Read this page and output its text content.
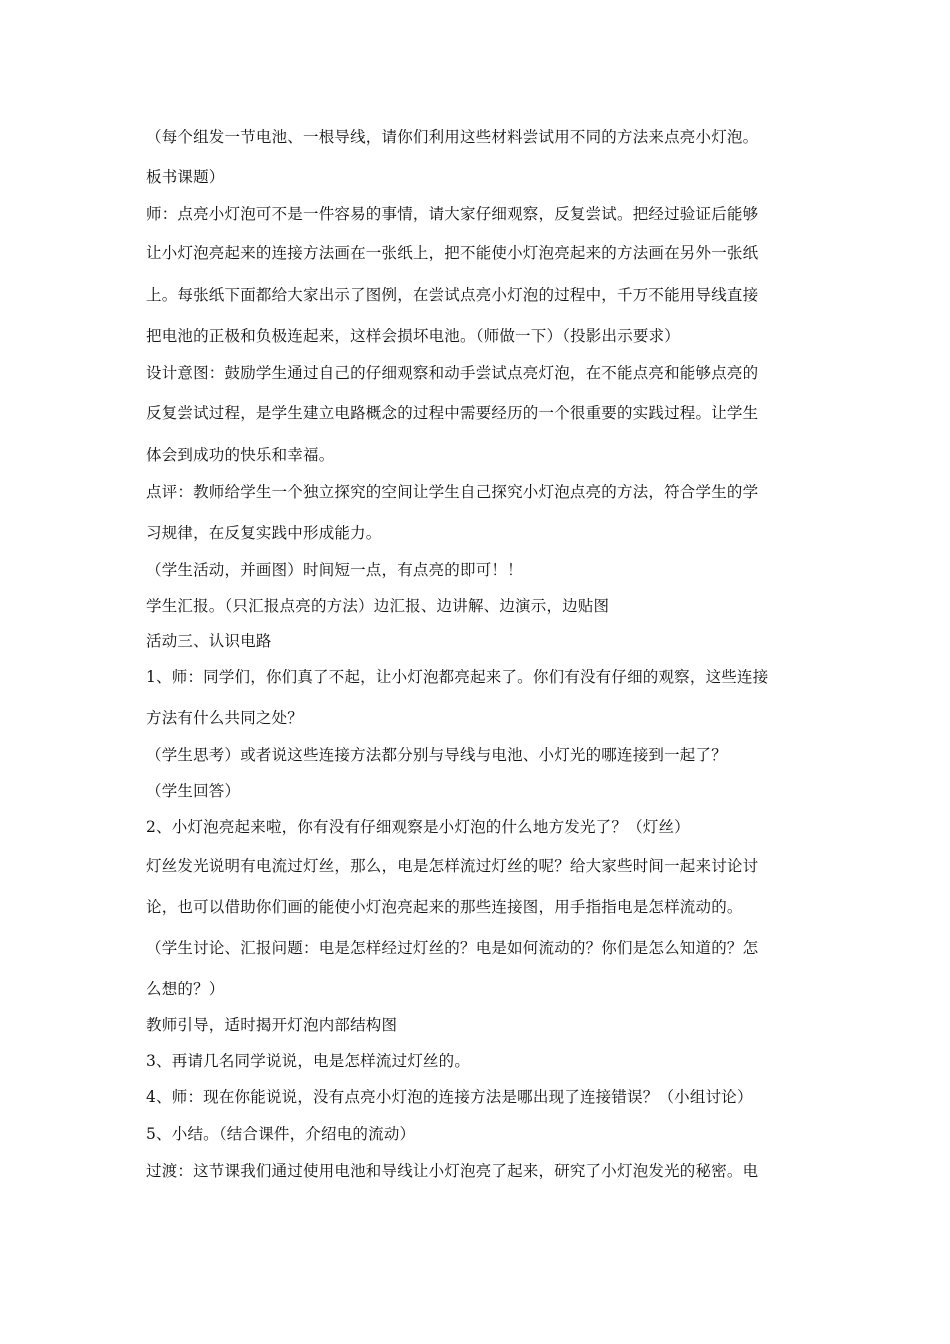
（每个组发一节电池、一根导线，请你们利用这些材料尝试用不同的方法来点亮小灯泡。

板书课题）

师：点亮小灯泡可不是一件容易的事情，请大家仔细观察，反复尝试。把经过验证后能够

让小灯泡亮起来的连接方法画在一张纸上，把不能使小灯泡亮起来的方法画在另外一张纸

上。每张纸下面都给大家出示了图例，在尝试点亮小灯泡的过程中，千万不能用导线直接

把电池的正极和负极连起来，这样会损坏电池。（师做一下）（投影出示要求）

设计意图：鼓励学生通过自己的仔细观察和动手尝试点亮灯泡，在不能点亮和能够点亮的

反复尝试过程，是学生建立电路概念的过程中需要经历的一个很重要的实践过程。让学生

体会到成功的快乐和幸福。

点评：教师给学生一个独立探究的空间让学生自己探究小灯泡点亮的方法，符合学生的学

习规律，在反复实践中形成能力。

（学生活动，并画图）时间短一点，有点亮的即可！！

学生汇报。（只汇报点亮的方法）边汇报、边讲解、边演示，边贴图

活动三、认识电路

1、师：同学们，你们真了不起，让小灯泡都亮起来了。你们有没有仔细的观察，这些连接

方法有什么共同之处？

（学生思考）或者说这些连接方法都分别与导线与电池、小灯光的哪连接到一起了？

（学生回答）

2、小灯泡亮起来啦，你有没有仔细观察是小灯泡的什么地方发光了？（灯丝）

灯丝发光说明有电流过灯丝，那么，电是怎样流过灯丝的呢？给大家些时间一起来讨论讨

论，也可以借助你们画的能使小灯泡亮起来的那些连接图，用手指指电是怎样流动的。

（学生讨论、汇报问题：电是怎样经过灯丝的？电是如何流动的？你们是怎么知道的？怎

么想的？）

教师引导，适时揭开灯泡内部结构图

3、再请几名同学说说，电是怎样流过灯丝的。

4、师：现在你能说说，没有点亮小灯泡的连接方法是哪出现了连接错误？（小组讨论）

5、小结。（结合课件，介绍电的流动）

过渡：这节课我们通过使用电池和导线让小灯泡亮了起来，研究了小灯泡发光的秘密。电
